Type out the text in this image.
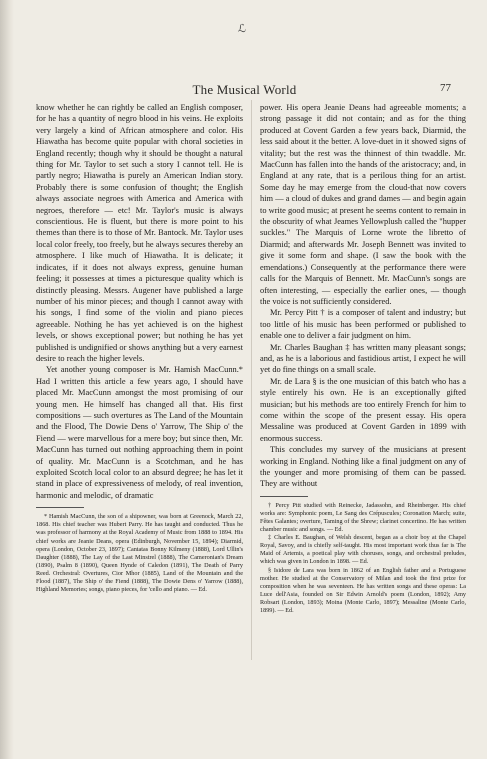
ℒ
The Musical World	77

know whether he can rightly be called an English composer, for he has a quantity of negro blood in his veins. He exploits very largely a kind of African atmosphere and color. His Hiawatha has become quite popular with choral societies in England recently; though why it should be thought a natural thing for Mr. Taylor to set such a story I cannot tell. He is partly negro; Hiawatha is purely an American Indian story. Probably there is some confusion of thought; the English always associate negroes with America and America with negroes, therefore — etc! Mr. Taylor's music is always conscientious. He is fluent, but there is more point to his themes than there is to those of Mr. Bantock. Mr. Taylor uses local color freely, too freely, but he always secures thereby an atmosphere. I like much of Hiawatha. It is delicate; it indicates, if it does not always express, genuine human feeling; it possesses at times a picturesque quality which is distinctly pleasing. Messrs. Augener have published a large number of his minor pieces; and though I cannot away with his songs, I find some of the violin and piano pieces agreeable. Nothing he has yet achieved is on the highest levels, or shows exceptional power; but nothing he has yet published is undignified or shows anything but a very earnest desire to reach the higher levels.

Yet another young composer is Mr. Hamish MacCunn.* Had I written this article a few years ago, I should have placed Mr. MacCunn amongst the most promising of our young men. He himself has changed all that. His first compositions — such overtures as The Land of the Mountain and the Flood, The Dowie Dens o' Yarrow, The Ship o' the Fiend — were marvellous for a mere boy; but since then, Mr. MacCunn has turned out nothing approaching them in point of quality. Mr. MacCunn is a Scotchman, and he has exploited Scotch local color to an absurd degree; he has let it stand in place of expressiveness of melody, of real invention, harmonic and melodic, of dramatic

* Hamish MacCunn, the son of a shipowner, was born at Greenock, March 22, 1868. His chief teacher was Hubert Parry. He has taught and conducted. Thus he was professor of harmony at the Royal Academy of Music from 1888 to 1894. His chief works are Jeanie Deans, opera (Edinburgh, November 15, 1894); Diarmid, opera (London, October 23, 1897); Cantatas Bonny Kilmeny (1888), Lord Ullin's Daughter (1888), The Lay of the Last Minstrel (1888), The Cameronian's Dream (1890), Psalm 8 (1890), Queen Hynde of Caledon (1891), The Death of Parry Reed. Orchestral: Overtures, Cior Mhor (1885), Land of the Mountain and the Flood (1887), The Ship o' the Fiend (1888), The Dowie Dens o' Yarrow (1888), Highland Memories; songs, piano pieces, for 'cello and piano. — Ed.

power. His opera Jeanie Deans had agreeable moments; a strong passage it did not contain; and as for the thing produced at Covent Garden a few years back, Diarmid, the less said about it the better. A love-duet in it showed signs of vitality; but the rest was the thinnest of thin twaddle. Mr. MacCunn has fallen into the hands of the aristocracy; and, in England at any rate, that is a perilous thing for an artist. Some day he may emerge from the cloud-that now covers him — a cloud of dukes and grand dames — and begin again to write good music; at present he seems content to remain in the obscurity of what Jeames Yellowplush called the "hupper suckles." The Marquis of Lorne wrote the libretto of Diarmid; and afterwards Mr. Joseph Bennett was invited to give it some form and shape. (I saw the book with the emendations.) Consequently at the performance there were calls for the Marquis of Bennett. Mr. MacCunn's songs are often interesting, — especially the earlier ones, — though the voice is not sufficiently considered.

Mr. Percy Pitt † is a composer of talent and industry; but too little of his music has been performed or published to enable one to deliver a fair judgment on him.

Mr. Charles Baughan ‡ has written many pleasant songs; and, as he is a laborious and fastidious artist, I expect he will yet do fine things on a small scale.

Mr. de Lara § is the one musician of this batch who has a style entirely his own. He is an exceptionally gifted musician; but his methods are too entirely French for him to come within the scope of the present essay. His opera Messaline was produced at Covent Garden in 1899 with enormous success.

This concludes my survey of the musicians at present working in England. Nothing like a final judgment on any of the younger and more promising of them can be passed. They are without

† Percy Pitt studied with Reinecke, Jadassohn, and Rheinberger. His chief works are: Symphonic poem, Le Sang des Crépuscules; Coronation March; suite, Fêtes Galantes; overture, Taming of the Shrew; clarinet concertino. He has written chamber music and songs. — Ed.

‡ Charles E. Baughan, of Welsh descent, began as a choir boy at the Chapel Royal, Savoy, and is chiefly self-taught. His most important work thus far is The Maid of Artemis, a poetical play with choruses, songs, and orchestral preludes, which was given in London in 1898. — Ed.

§ Isidore de Lara was born in 1862 of an English father and a Portuguese mother. He studied at the Conservatory of Milan and took the first prize for composition when he was seventeen. He has written songs and these operas: La Luce dell'Asia, founded on Sir Edwin Arnold's poem (London, 1892); Amy Robsart (London, 1893); Moina (Monte Carlo, 1897); Messaline (Monte Carlo, 1899). — Ed.
